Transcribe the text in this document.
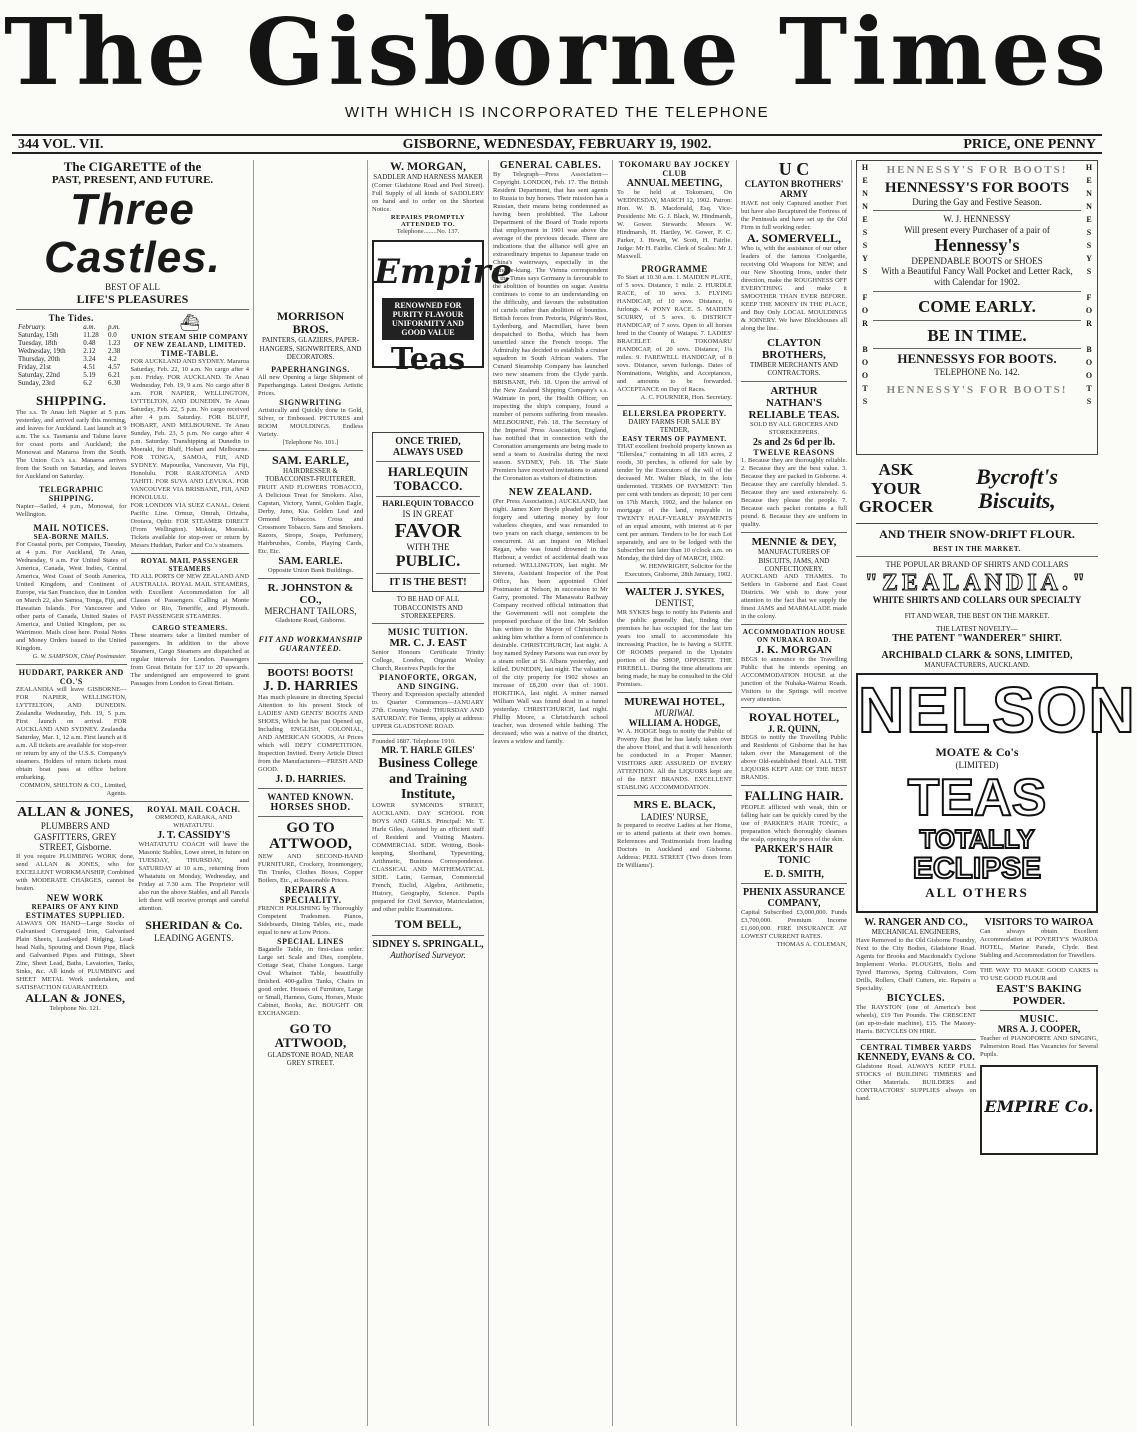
The Gisborne Times
WITH WHICH IS INCORPORATED THE TELEPHONE
344 VOL. VII.	GISBORNE, WEDNESDAY, FEBRUARY 19, 1902.	PRICE, ONE PENNY
The CIGARETTE of the
PAST, PRESENT, AND FUTURE.
Three Castles.
BEST OF ALL
LIFE'S PLEASURES
The Tides.
February.	a.m.	p.m.
Saturday, 15th	11.28	0.0
Tuesday, 18th	0.48	1.23
Wednesday, 19th	2.12	2.38
Thursday, 20th	3.24	4.2
Friday, 21st	4.51	4.57
Saturday, 22nd	5.19	6.21
Sunday, 23rd	6.2	6.30
SHIPPING.
The s.s. Te Anau left Napier at 5 p.m. yesterday, and arrived early this morning, and leaves for Auckland. Last launch at 9 a.m. The s.s. Tasmania and Talune leave for coast ports and Auckland; the Monowai and Mararoa from the South. The Union Co.'s s.s. Manaroa arrives from the South on Saturday, and leaves for Auckland on Saturday.
TELEGRAPHIC SHIPPING.
Napier—Sailed, 4 p.m., Monowai, for Wellington.
MAIL NOTICES.
SEA-BORNE MAILS.
For Coastal ports, per Compass, Tuesday, at 4 p.m. For Auckland, Te Anau, Wednesday, 9 a.m. For United States of America, Canada, West Indies, Central America, West Coast of South America, United Kingdom, and Continent of Europe, via San Francisco, due in London on March 22, also Samoa, Tonga, Fiji, and Hawaiian Islands. For Vancouver and other parts of Canada, United States of America, and United Kingdom, per ss. Warrimoo. Mails close here. Postal Notes and Money Orders issued to the United Kingdom.
G. W. SAMPSON, Chief Postmaster.
HUDDART, PARKER AND CO.'S
ZEALANDIA will leave GISBORNE—FOR NAPIER, WELLINGTON, LYTTELTON, AND DUNEDIN. Zealandia Wednesday, Feb. 19, 5 p.m. First launch on arrival. FOR AUCKLAND AND SYDNEY. Zealandia Saturday, Mar. 1, 12 a.m. First launch at 8 a.m. All tickets are available for stop-over or return by any of the U.S.S. Company's steamers. Holders of return tickets must obtain boat pass at office before embarking.
COMMON, SHELTON & CO., Limited, Agents.
⛴
UNION STEAM SHIP COMPANY OF NEW ZEALAND, LIMITED.
TIME-TABLE.
FOR AUCKLAND AND SYDNEY. Mararoa Saturday, Feb. 22, 10 a.m. No cargo after 4 p.m. Friday. FOR AUCKLAND. Te Anau Wednesday, Feb. 19, 9 a.m. No cargo after 8 a.m. FOR NAPIER, WELLINGTON, LYTTELTON, AND DUNEDIN. Te Anau Saturday, Feb. 22, 5 p.m. No cargo received after 4 p.m. Saturday. FOR BLUFF, HOBART, AND MELBOURNE. Te Anau Sunday, Feb. 23, 5 p.m. No cargo after 4 p.m. Saturday. Transhipping at Dunedin to Moeraki, for Bluff, Hobart and Melbourne. FOR TONGA, SAMOA, FIJI, AND SYDNEY. Mapourika, Vancouver, Via Fiji, Honolulu. FOR RARATONGA AND TAHITI. FOR SUVA AND LEVUKA. FOR VANCOUVER VIA BRISBANE, FIJI, AND HONOLULU.
FOR LONDON VIA SUEZ CANAL. Orient Pacific Line. Ormuz, Omrah, Orizaba, Orotava, Ophir. FOR STEAMER DIRECT (From Wellington). Mokoia, Moeraki. Tickets available for stop-over or return by Messrs Huddart, Parker and Co.'s steamers.
ROYAL MAIL PASSENGER STEAMERS
TO ALL PORTS OF NEW ZEALAND AND AUSTRALIA. ROYAL MAIL STEAMERS, with Excellent Accommodation for all Classes of Passengers. Calling at Monte Video or Rio, Teneriffe, and Plymouth. FAST PASSENGER STEAMERS.
CARGO STEAMERS.
These steamers take a limited number of passengers. In addition to the above Steamers, Cargo Steamers are dispatched at regular intervals for London. Passengers from Great Britain for £17 to 20 upwards. The undersigned are empowered to grant Passages from London to Great Britain.
ALLAN & JONES,
PLUMBERS AND GASFITTERS, GREY STREET, Gisborne.
If you require PLUMBING WORK done, send ALLAN & JONES, who for EXCELLENT WORKMANSHIP, Combined with MODERATE CHARGES, cannot be beaten.
NEW WORK
REPAIRS OF ANY KIND
ESTIMATES SUPPLIED.
ALWAYS ON HAND—Large Stocks of Galvanised Corrugated Iron, Galvanised Plain Sheets, Lead-edged Ridging, Lead-head Nails, Spouting and Down Pipe, Black and Galvanised Pipes and Fittings, Sheet Zinc, Sheet Lead, Baths, Lavatories, Tanks, Sinks, &c. All kinds of PLUMBING and SHEET METAL Work undertaken, and SATISFACTION GUARANTEED.
ALLAN & JONES,
Telephone No. 121.
ROYAL MAIL COACH.
ORMOND, KARAKA, AND WHATATUTU.
J. T. CASSIDY'S
WHATATUTU COACH will leave the Masonic Stables, Lowe street, in future on TUESDAY, THURSDAY, and SATURDAY at 10 a.m., returning from Whatatutu on Monday, Wednesday, and Friday at 7.30 a.m. The Proprietor will also run the above Stables, and all Parcels left there will receive prompt and careful attention.
SHERIDAN & Co.
LEADING AGENTS.
MORRISON BROS.
PAINTERS, GLAZIERS, PAPER-HANGERS, SIGNWRITERS, AND DECORATORS.
PAPERHANGINGS.
All new Opening a large Shipment of Paperhangings. Latest Designs. Artistic Prices.
SIGNWRITING
Artistically and Quickly done in Gold, Silver, or Embossed. PICTURES and ROOM MOULDINGS. Endless Variety.
[Telephone No. 101.]
SAM. EARLE,
HAIRDRESSER & TOBACCONIST-FRUITERER.
FRUIT AND FLOWERS TOBACCO, A Delicious Treat for Smokers. Also, Capstan, Victory, Yanni, Golden Eagle, Derby, Juno, Kia. Golden Leaf and Ormond Tobaccos. Cross and Crossmore Tobacco. Sans and Smokers. Razors, Strops, Soaps, Perfumery, Hairbrushes, Combs, Playing Cards, Etc. Etc.
SAM. EARLE.
Opposite Union Bank Buildings.
R. JOHNSTON & CO.,
MERCHANT TAILORS,
Gladstone Road, Gisborne.
FIT AND WORKMANSHIP GUARANTEED.
BOOTS! BOOTS!
J. D. HARRIES
Has much pleasure in directing Special Attention to his present Stock of LADIES' AND GENTS' BOOTS AND SHOES, Which he has just Opened up, Including ENGLISH, COLONIAL, AND AMERICAN GOODS, At Prices which will DEFY COMPETITION. Inspection Invited. Every Article Direct from the Manufacturers—FRESH AND GOOD.
J. D. HARRIES.
WANTED KNOWN.
HORSES SHOD.
GO TO ATTWOOD,
NEW AND SECOND-HAND FURNITURE, Crockery, Ironmongery, Tin Trunks, Clothes Boxes, Copper Boilers, Etc., at Reasonable Prices.
REPAIRS A SPECIALITY.
FRENCH POLISHING by Thoroughly Competent Tradesmen. Pianos, Sideboards, Dining Tables, etc., made equal to new at Low Prices.
SPECIAL LINES
Bagatelle Table, in first-class order. Large set Scale and Dies, complete. Cottage Seat, Chaise Longues. Large Oval Whatnot Table, beautifully finished. 400-gallon Tanks, Chairs in good order. Houses of Furniture, Large or Small, Harness, Guns, Horses, Music Cabinet, Books, &c. BOUGHT OR EXCHANGED.
GO TO ATTWOOD,
GLADSTONE ROAD, NEAR GREY STREET.
W. MORGAN,
SADDLER AND HARNESS MAKER
(Corner Gladstone Road and Peel Street). Full Supply of all kinds of SADDLERY on hand and to order on the Shortest Notice.
REPAIRS PROMPTLY ATTENDED TO.
Telephone........No. 137.
Empire
RENOWNED FOR PURITY FLAVOUR UNIFORMITY AND GOOD VALUE
Teas
ONCE TRIED, ALWAYS USED
HARLEQUIN TOBACCO.
HARLEQUIN TOBACCO
IS IN GREAT
FAVOR
WITH THE
PUBLIC.
IT IS THE BEST!
TO BE HAD OF ALL TOBACCONISTS AND STOREKEEPERS.
MUSIC TUITION.
MR. C. J. EAST
Senior Honours Certificate Trinity College, London, Organist Wesley Church, Receives Pupils for the
PIANOFORTE, ORGAN, AND SINGING.
Theory and Expression specially attended to. Quarter Commences—JANUARY 27th. Country Visited: THURSDAY AND SATURDAY. For Terms, apply at address: UPPER GLADSTONE ROAD.
Founded 1887. Telephone 1910.
MR. T. HARLE GILES'
Business College and Training Institute,
LOWER SYMONDS STREET, AUCKLAND. DAY SCHOOL FOR BOYS AND GIRLS. Principal: Mr. T. Harle Giles, Assisted by an efficient staff of Resident and Visiting Masters. COMMERCIAL SIDE. Writing, Book-keeping, Shorthand, Typewriting, Arithmetic, Business Correspondence. CLASSICAL AND MATHEMATICAL SIDE. Latin, German, Commercial French, Euclid, Algebra, Arithmetic, History, Geography, Science. Pupils prepared for Civil Service, Matriculation, and other public Examinations.
TOM BELL,
SIDNEY S. SPRINGALL,
Authorised Surveyor.
GENERAL CABLES.
By Telegraph—Press Association—Copyright. LONDON, Feb. 17. The British Resident Department, that has sent agents to Russia to buy horses. Their mission has a Russian, their means being condemned as having been prohibited. The Labour Department of the Board of Trade reports that employment in 1901 was above the average of the previous decade. There are indications that the alliance will give an extraordinary impetus to Japanese trade on China's waterways, especially in the Yangtse-kiang. The Vienna correspondent of the Times says Germany is favourable to the abolition of bounties on sugar. Austria continues to come to an understanding on the difficulty, and favours the substitution of cartels rather than abolition of bounties. British forces from Pretoria, Pilgrim's Rest, Lydenburg, and Macmillan, have been despatched to Botha, which has been unsettled since the French troops. The Admiralty has decided to establish a cruiser squadron in South African waters. The Cunard Steamship Company has launched two new steamers from the Clyde yards. BRISBANE, Feb. 18. Upon the arrival of the New Zealand Shipping Company's s.s. Waimate in port, the Health Officer, on inspecting the ship's company, found a number of persons suffering from measles. MELBOURNE, Feb. 18. The Secretary of the Imperial Press Association, England, has notified that in connection with the Coronation arrangements are being made to send a team to Australia during the next season. SYDNEY, Feb. 18. The State Premiers have received invitations to attend the Coronation as visitors of distinction.
NEW ZEALAND.
(Per Press Association.) AUCKLAND, last night. James Kerr Boyle pleaded guilty to forgery and uttering money by four valueless cheques, and was remanded to two years on each charge, sentences to be concurrent. At an inquest on Michael Regan, who was found drowned in the Harbour, a verdict of accidental death was returned. WELLINGTON, last night. Mr Stevens, Assistant Inspector of the Post Office, has been appointed Chief Postmaster at Nelson, in succession to Mr Garry, promoted. The Manawatu Railway Company received official intimation that the Government will not complete the proposed purchase of the line. Mr Seddon has written to the Mayor of Christchurch asking him whether a form of conference is desirable. CHRISTCHURCH, last night. A boy named Sydney Parsons was run over by a steam roller at St. Albans yesterday, and killed. DUNEDIN, last night. The valuation of the city property for 1902 shows an increase of £8,200 over that of 1901. HOKITIKA, last night. A miner named William Wall was found dead in a tunnel yesterday. CHRISTCHURCH, last night. Phillip Moore, a Christchurch school teacher, was drowned while bathing. The deceased, who was a native of the district, leaves a widow and family.
TOKOMARU BAY JOCKEY CLUB
ANNUAL MEETING,
To be held at Tokomaru, On WEDNESDAY, MARCH 12, 1902. Patron: Hon. W. B. Macdonald, Esq. Vice-Presidents: Mr. G. J. Black, W. Hindmarsh, W. Gower. Stewards: Messrs W. Hindmarsh, H. Hartley, W. Gower, F. C. Parker, J. Hewitt, W. Scott, H. Fairlie. Judge: Mr H. Fairlie. Clerk of Scales: Mr J. Maxwell.
PROGRAMME
To Start at 10.30 a.m. 1. MAIDEN PLATE, of 5 sovs. Distance, 1 mile. 2. HURDLE RACE, of 10 sovs. 3. FLYING HANDICAP, of 10 sovs. Distance, 6 furlongs. 4. PONY RACE. 5. MAIDEN SCURRY, of 5 sovs. 6. DISTRICT HANDICAP, of 7 sovs. Open to all horses bred in the County of Waiapu. 7. LADIES' BRACELET. 8. TOKOMARU HANDICAP, of 20 sovs. Distance, 1¼ miles. 9. FAREWELL HANDICAP, of 8 sovs. Distance, seven furlongs. Dates of Nominations, Weights, and Acceptances, and amounts to be forwarded. ACCEPTANCE on Day of Races.
A. C. FOURNIER, Hon. Secretary.
ELLERSLEA PROPERTY.
DAIRY FARMS FOR SALE BY TENDER,
EASY TERMS OF PAYMENT.
THAT excellent freehold property known as "Ellerslea," containing in all 183 acres, 2 roods, 30 perches, is offered for sale by tender by the Executors of the will of the deceased Mr. Walter Black, in the lots undernoted. TERMS OF PAYMENT: Ten per cent with tenders as deposit; 10 per cent on 17th March, 1902, and the balance on mortgage of the land, repayable in TWENTY HALF-YEARLY PAYMENTS of an equal amount, with interest at 6 per cent per annum. Tenders to be for each Lot separately, and are to be lodged with the Subscriber not later than 10 o'clock a.m. on Monday, the third day of MARCH, 1902.
W. HENWRIGHT, Solicitor for the Executors, Gisborne, 28th January, 1902.
WALTER J. SYKES,
DENTIST,
MR SYKES begs to notify his Patients and the public generally that, finding the premises he has occupied for the last ten years too small to accommodate his increasing Practice, he is having a SUITE OF ROOMS prepared in the Upstairs portion of the SHOP, OPPOSITE THE FIREBELL. During the time alterations are being made, he may be consulted in the Old Premises.
MUREWAI HOTEL,
MURIWAI.
WILLIAM A. HODGE,
W. A. HODGE begs to notify the Public of Poverty Bay that he has lately taken over the above Hotel, and that it will henceforth be conducted in a Proper Manner. VISITORS ARE ASSURED OF EVERY ATTENTION. All the LIQUORS kept are of the BEST BRANDS. EXCELLENT STABLING ACCOMMODATION.
MRS E. BLACK,
LADIES' NURSE,
Is prepared to receive Ladies at her Home, or to attend patients at their own homes. References and Testimonials from leading Doctors in Auckland and Gisborne. Address: PEEL STREET (Two doors from Dr Williams').
U C
CLAYTON BROTHERS' ARMY
HAVE not only Captured another Fort but have also Recaptured the Fortress of the Peninsula and have set up the Old Firm in full working order.
A. SOMERVELL,
Who is, with the assistance of our other leaders of the famous Coolgardie, receiving Old Weapons for NEW; and our New Shooting Irons, under their direction, make the ROUGHNESS OFF EVERYTHING and make it SMOOTHER THAN EVER BEFORE. KEEP THE MONEY IN THE PLACE, and Buy Only LOCAL MOULDINGS & JOINERY. We have Blockhouses all along the line.
CLAYTON BROTHERS,
TIMBER MERCHANTS AND CONTRACTORS.
ARTHUR NATHAN'S RELIABLE TEAS.
SOLD BY ALL GROCERS AND STOREKEEPERS.
2s and 2s 6d per lb.
TWELVE REASONS
1. Because they are thoroughly reliable. 2. Because they are the best value. 3. Because they are packed in Gisborne. 4. Because they are carefully blended. 5. Because they are used extensively. 6. Because they please the people. 7. Because each packet contains a full pound. 8. Because they are uniform in quality.
MENNIE & DEY,
MANUFACTURERS OF BISCUITS, JAMS, AND CONFECTIONERY.
AUCKLAND AND THAMES. To Settlers in Gisborne and East Coast Districts. We wish to draw your attention to the fact that we supply the finest JAMS and MARMALADE made in the colony.
ACCOMMODATION HOUSE ON NURAKA ROAD.
J. K. MORGAN
BEGS to announce to the Travelling Public that he intends opening an ACCOMMODATION HOUSE at the junction of the Nuhaka-Wairoa Roads. Visitors to the Springs will receive every attention.
ROYAL HOTEL,
J. R. QUINN,
BEGS to notify the Travelling Public and Residents of Gisborne that he has taken over the Management of the above Old-established Hotel. ALL THE LIQUORS KEPT ARE OF THE BEST BRANDS.
FALLING HAIR.
PEOPLE afflicted with weak, thin or falling hair can be quickly cured by the use of PARKER'S HAIR TONIC, a preparation which thoroughly cleanses the scalp, opening the pores of the skin.
PARKER'S HAIR TONIC
E. D. SMITH,
PHENIX ASSURANCE COMPANY,
Capital Subscribed £3,000,000. Funds £3,700,000. Premium Income £1,600,000. FIRE INSURANCE AT LOWEST CURRENT RATES.
THOMAS A. COLEMAN,
H
E
N
N
E
S
S
Y
S

F
O
R

B
O
O
T
S
H
E
N
N
E
S
S
Y
S

F
O
R

B
O
O
T
S
HENNESSY'S FOR BOOTS!
HENNESSY'S FOR BOOTS
During the Gay and Festive Season.
W. J. HENNESSY
Will present every Purchaser of a pair of
Hennessy's
DEPENDABLE BOOTS or SHOES
With a Beautiful Fancy Wall Pocket and Letter Rack, with Calendar for 1902.
COME EARLY.
BE IN TIME.
HENNESSYS FOR BOOTS.
TELEPHONE No. 142.
HENNESSY'S FOR BOOTS!
ASK YOUR GROCER
Bycroft's Biscuits,
AND THEIR SNOW-DRIFT FLOUR.
BEST IN THE MARKET.
THE POPULAR BRAND OF SHIRTS AND COLLARS
"ZEALANDIA."
WHITE SHIRTS AND COLLARS OUR SPECIALTY
FIT AND WEAR, THE BEST ON THE MARKET.
THE LATEST NOVELTY—
THE PATENT "WANDERER" SHIRT.
ARCHIBALD CLARK & SONS, LIMITED,
MANUFACTURERS, AUCKLAND.
NELSON
MOATE & Co's
(LIMITED)
TEAS
TOTALLY
ECLIPSE
ALL OTHERS
W. RANGER AND CO.,
MECHANICAL ENGINEERS,
Have Removed to the Old Gisborne Foundry, Next to the City Bodies, Gladstone Road. Agents for Brooks and Macdonald's Cyclone Implement Works. PLOUGHS, Bolts and Tyred Harrows, Spring Cultivators, Corn Drills, Rollers, Chaff Cutters, etc. Repairs a Speciality.
BICYCLES.
The RAYSTON (one of America's best wheels), £19 Ten Pounds. The CRESCENT (an up-to-date machine), £15. The Massey-Harris. BICYCLES ON HIRE.
CENTRAL TIMBER YARDS
KENNEDY, EVANS & CO.
Gladstone Road. ALWAYS KEEP FULL STOCKS of BUILDING TIMBERS and Other Materials. BUILDERS and CONTRACTORS' SUPPLIES always on hand.
VISITORS TO WAIROA
Can always obtain Excellent Accommodation at POVERTY'S WAIROA HOTEL, Marine Parade, Clyde. Best Stabling and Accommodation for Travellers.
THE WAY TO MAKE GOOD CAKES is TO USE GOOD FLOUR and
EAST'S BAKING POWDER.
MUSIC.
MRS A. J. COOPER,
Teacher of PIANOFORTE AND SINGING, Palmerston Road. Has Vacancies for Several Pupils.
EMPIRE Co.
